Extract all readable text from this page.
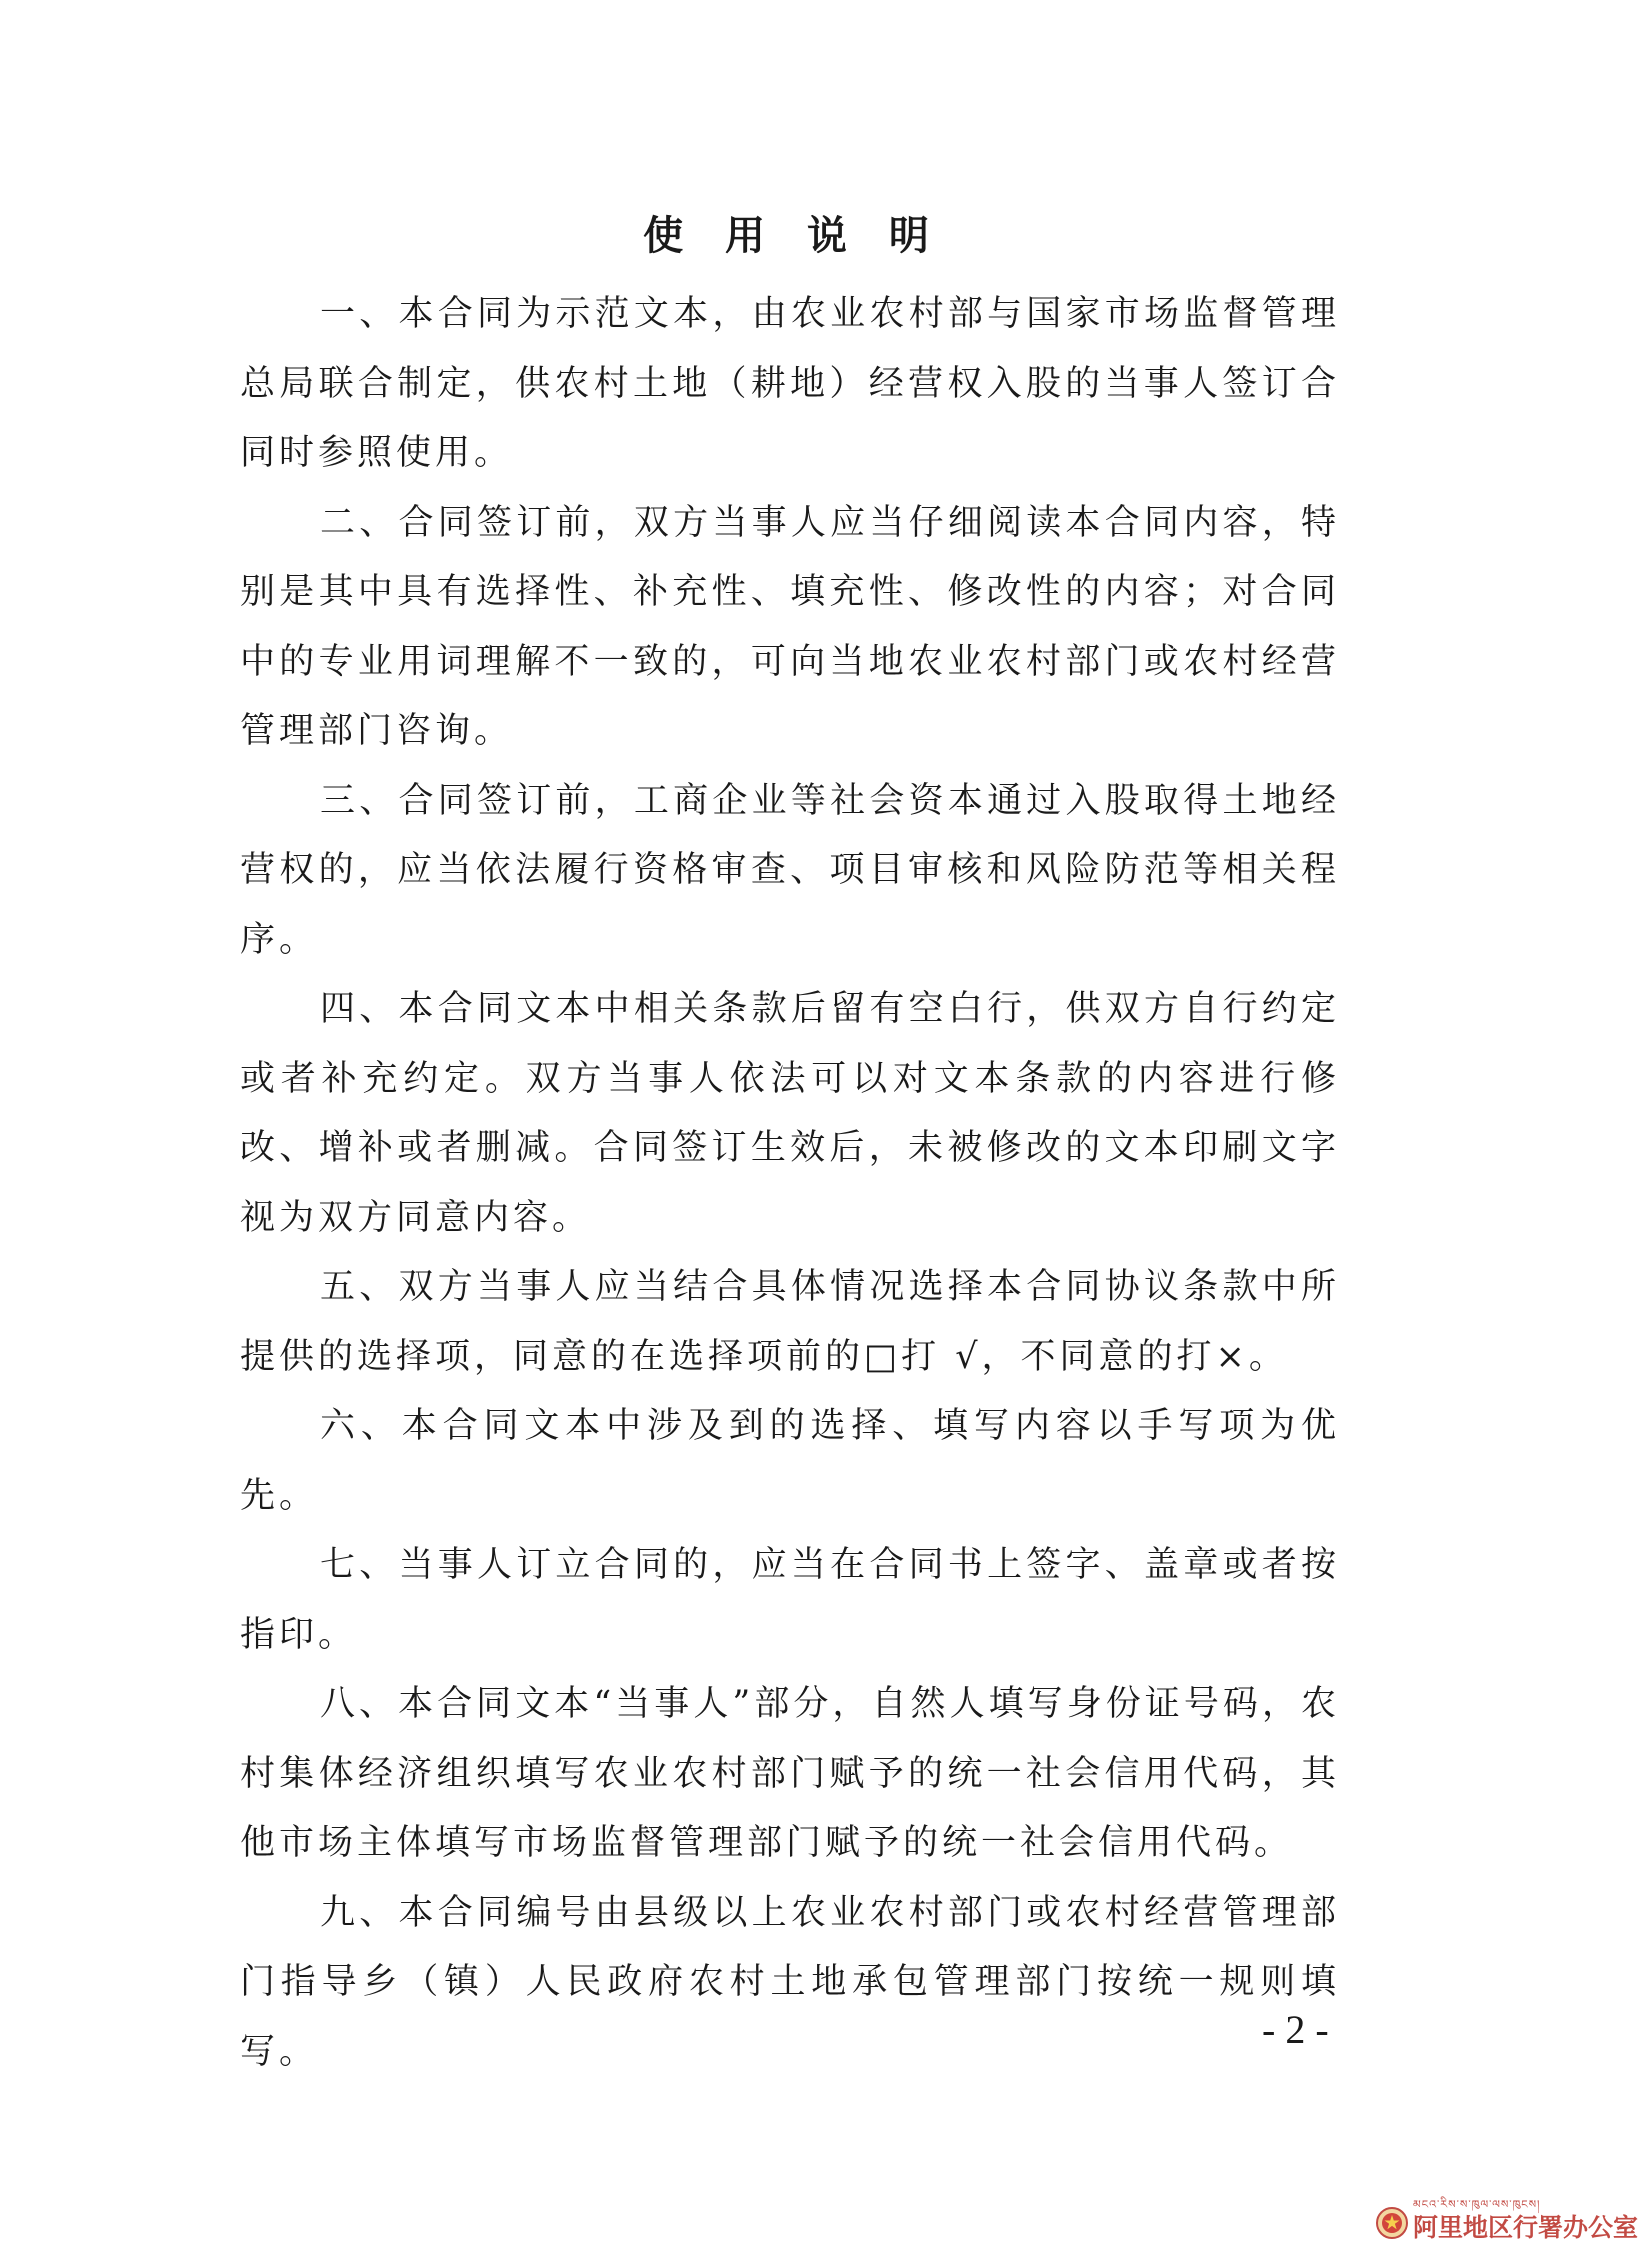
使 用 说 明

一、本合同为示范文本，由农业农村部与国家市场监督管理总局联合制定，供农村土地（耕地）经营权入股的当事人签订合同时参照使用。

二、合同签订前，双方当事人应当仔细阅读本合同内容，特别是其中具有选择性、补充性、填充性、修改性的内容；对合同中的专业用词理解不一致的，可向当地农业农村部门或农村经营管理部门咨询。

三、合同签订前，工商企业等社会资本通过入股取得土地经营权的，应当依法履行资格审查、项目审核和风险防范等相关程序。

四、本合同文本中相关条款后留有空白行，供双方自行约定或者补充约定。双方当事人依法可以对文本条款的内容进行修改、增补或者删减。合同签订生效后，未被修改的文本印刷文字视为双方同意内容。

五、双方当事人应当结合具体情况选择本合同协议条款中所提供的选择项，同意的在选择项前的□打 √，不同意的打×。

六、本合同文本中涉及到的选择、填写内容以手写项为优先。

七、当事人订立合同的，应当在合同书上签字、盖章或者按指印。

八、本合同文本“当事人”部分，自然人填写身份证号码，农村集体经济组织填写农业农村部门赋予的统一社会信用代码，其他市场主体填写市场监督管理部门赋予的统一社会信用代码。

九、本合同编号由县级以上农业农村部门或农村经营管理部门指导乡（镇）人民政府农村土地承包管理部门按统一规则填写。	- 2 -
མངའ་རིས་ས་ཁུལ་ལས་ཁུངས།
阿里地区行署办公室
